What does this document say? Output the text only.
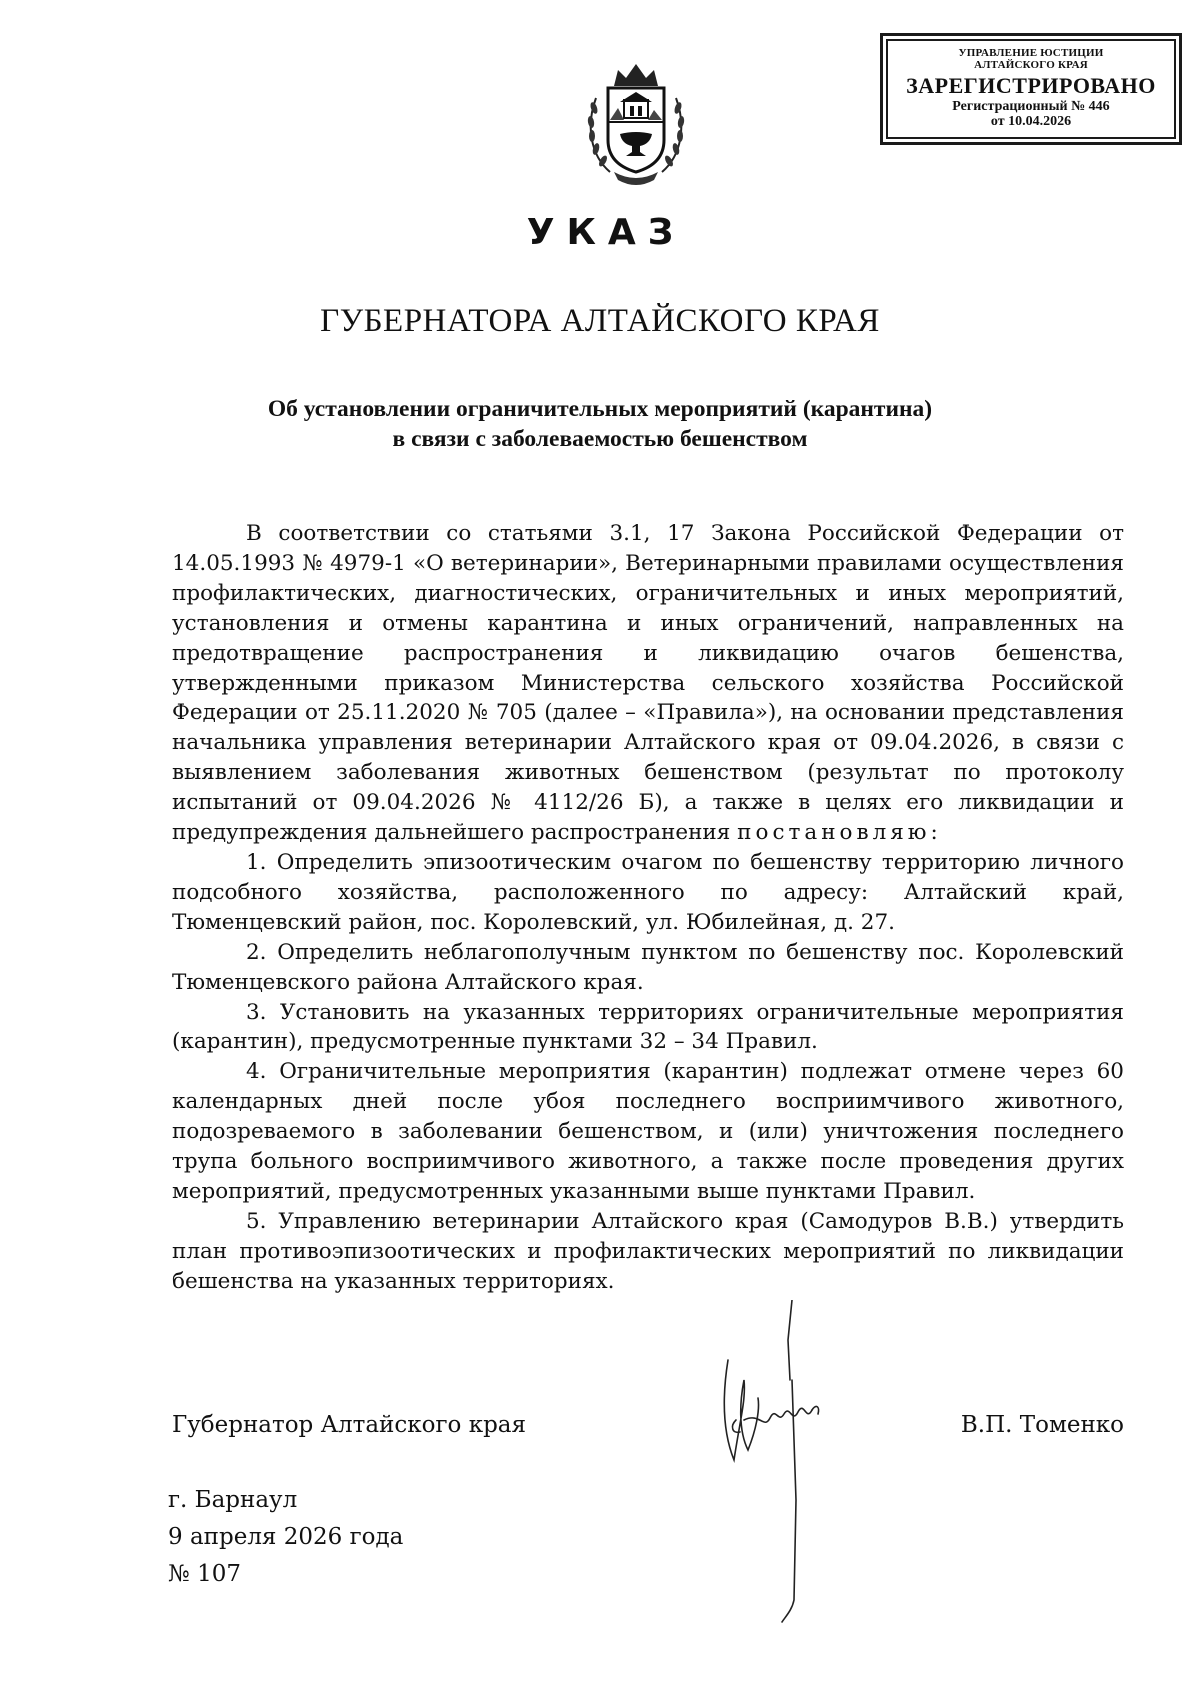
УПРАВЛЕНИЕ ЮСТИЦИИ
АЛТАЙСКОГО КРАЯ
ЗАРЕГИСТРИРОВАНО
Регистрационный № 446
от 10.04.2026
УКАЗ
ГУБЕРНАТОРА АЛТАЙСКОГО КРАЯ
Об установлении ограничительных мероприятий (карантина)
в связи с заболеваемостью бешенством

В соответствии со статьями 3.1, 17 Закона Российской Федерации от 14.05.1993 № 4979-1 «О ветеринарии», Ветеринарными правилами осуществления профилактических, диагностических, ограничительных и иных мероприятий, установления и отмены карантина и иных ограничений, направленных на предотвращение распространения и ликвидацию очагов бешенства, утвержденными приказом Министерства сельского хозяйства Российской Федерации от 25.11.2020 № 705 (далее – «Правила»), на основании представления начальника управления ветеринарии Алтайского края от 09.04.2026, в связи с выявлением заболевания животных бешенством (результат по протоколу испытаний от 09.04.2026 № 4112/26 Б), а также в целях его ликвидации и предупреждения дальнейшего распространения постановляю:

1. Определить эпизоотическим очагом по бешенству территорию личного подсобного хозяйства, расположенного по адресу: Алтайский край, Тюменцевский район, пос. Королевский, ул. Юбилейная, д. 27.

2. Определить неблагополучным пунктом по бешенству пос. Королевский Тюменцевского района Алтайского края.

3. Установить на указанных территориях ограничительные мероприятия (карантин), предусмотренные пунктами 32 – 34 Правил.

4. Ограничительные мероприятия (карантин) подлежат отмене через 60 календарных дней после убоя последнего восприимчивого животного, подозреваемого в заболевании бешенством, и (или) уничтожения последнего трупа больного восприимчивого животного, а также после проведения других мероприятий, предусмотренных указанными выше пунктами Правил.

5. Управлению ветеринарии Алтайского края (Самодуров В.В.) утвердить план противоэпизоотических и профилактических мероприятий по ликвидации бешенства на указанных территориях.

Губернатор Алтайского края	В.П. Томенко
г. Барнаул
9 апреля 2026 года
№ 107
